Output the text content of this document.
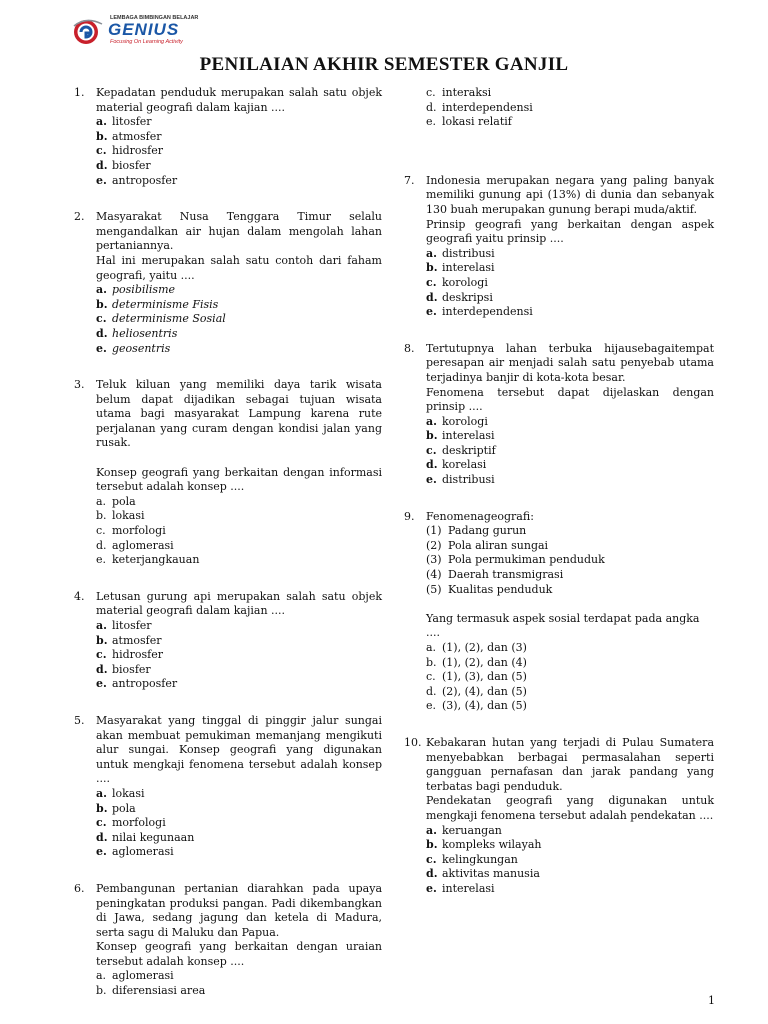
LEMBAGA BIMBINGAN BELAJAR
GENIUS
Focusing On Learning Activity
PENILAIAN AKHIR SEMESTER GANJIL
1. Kepadatan penduduk merupakan salah satu objek material geografi dalam kajian ....

a. litosfer
b. atmosfer
c. hidrosfer
d. biosfer
e. antroposfer
2. Masyarakat Nusa Tenggara Timur selalu mengandalkan air hujan dalam mengolah lahan pertaniannya.

Hal ini merupakan salah satu contoh dari faham geografi, yaitu ....

a. posibilisme
b. determinisme Fisis
c. determinisme Sosial
d. heliosentris
e. geosentris
3. Teluk kiluan yang memiliki daya tarik wisata belum dapat dijadikan sebagai tujuan wisata utama bagi masyarakat Lampung karena rute perjalanan yang curam dengan kondisi jalan yang rusak.

Konsep geografi yang berkaitan dengan informasi tersebut adalah konsep ....

a. pola
b. lokasi
c. morfologi
d. aglomerasi
e. keterjangkauan
4. Letusan gurung api merupakan salah satu objek material geografi dalam kajian ....

a. litosfer
b. atmosfer
c. hidrosfer
d. biosfer
e. antroposfer
5. Masyarakat yang tinggal di pinggir jalur sungai akan membuat pemukiman memanjang mengikuti alur sungai. Konsep geografi yang digunakan untuk mengkaji fenomena tersebut adalah konsep ....

a. lokasi
b. pola
c. morfologi
d. nilai kegunaan
e. aglomerasi
6. Pembangunan pertanian diarahkan pada upaya peningkatan produksi pangan. Padi dikembangkan di Jawa, sedang jagung dan ketela di Madura, serta sagu di Maluku dan Papua.

Konsep geografi yang berkaitan dengan uraian tersebut adalah konsep ....

a. aglomerasi
b. diferensiasi area
c. interaksi
d. interdependensi
e. lokasi relatif
7. Indonesia merupakan negara yang paling banyak memiliki gunung api (13%) di dunia dan sebanyak 130 buah merupakan gunung berapi muda/aktif.

Prinsip geografi yang berkaitan dengan aspek geografi yaitu prinsip ....

a. distribusi
b. interelasi
c. korologi
d. deskripsi
e. interdependensi
8. Tertutupnya lahan terbuka hijausebagaitempat peresapan air menjadi salah satu penyebab utama terjadinya banjir di kota-kota besar.

Fenomena tersebut dapat dijelaskan dengan prinsip ....

a. korologi
b. interelasi
c. deskriptif
d. korelasi
e. distribusi
9. Fenomenageografi:

(1) Padang gurun
(2) Pola aliran sungai
(3) Pola permukiman penduduk
(4) Daerah transmigrasi
(5) Kualitas penduduk
Yang termasuk aspek sosial terdapat pada angka ....
a. (1), (2), dan (3)
b. (1), (2), dan (4)
c. (1), (3), dan (5)
d. (2), (4), dan (5)
e. (3), (4), dan (5)
10. Kebakaran hutan yang terjadi di Pulau Sumatera menyebabkan berbagai permasalahan seperti gangguan pernafasan dan jarak pandang yang terbatas bagi penduduk.

Pendekatan geografi yang digunakan untuk mengkaji fenomena tersebut adalah pendekatan ....

a. keruangan
b. kompleks wilayah
c. kelingkungan
d. aktivitas manusia
e. interelasi
1
